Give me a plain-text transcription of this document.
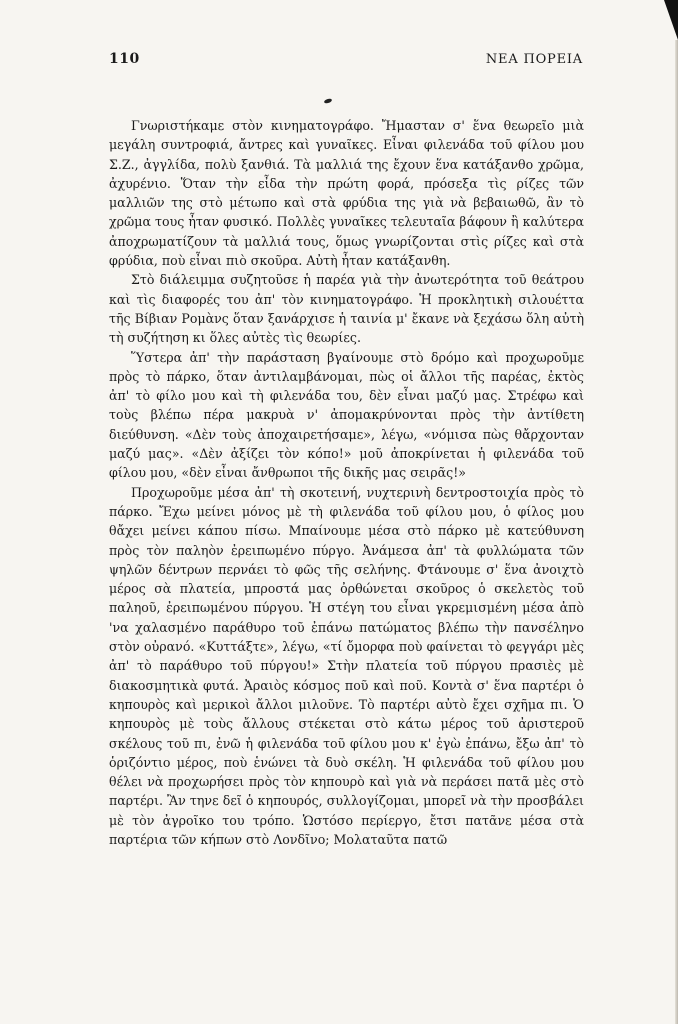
110	ΝΕΑ ΠΟΡΕΙΑ

Γνωριστήκαμε στὸν κινηματογράφο. Ἤμασταν σ' ἕνα θεωρεῖο μιὰ μεγάλη συντροφιά, ἄντρες καὶ γυναῖκες. Εἶναι φιλενάδα τοῦ φίλου μου Σ.Ζ., ἀγγλίδα, πολὺ ξανθιά. Τὰ μαλλιά της ἔχουν ἕνα κατάξανθο χρῶμα, ἀχυρένιο. Ὅταν τὴν εἶδα τὴν πρώτη φορά, πρόσεξα τὶς ρίζες τῶν μαλλιῶν της στὸ μέτωπο καὶ στὰ φρύδια της γιὰ νὰ βεβαιωθῶ, ἂν τὸ χρῶμα τους ἦταν φυσικό. Πολλὲς γυναῖκες τελευταῖα βάφουν ἢ καλύτερα ἀποχρωματίζουν τὰ μαλλιά τους, ὅμως γνωρίζονται στὶς ρίζες καὶ στὰ φρύδια, ποὺ εἶναι πιὸ σκοῦρα. Αὐτὴ ἦταν κατάξανθη.

Στὸ διάλειμμα συζητοῦσε ἡ παρέα γιὰ τὴν ἀνωτερότητα τοῦ θεάτρου καὶ τὶς διαφορές του ἀπ' τὸν κινηματογράφο. Ἡ προκλητικὴ σιλουέττα τῆς Βίβιαν Ρομὰνς ὅταν ξανάρχισε ἡ ταινία μ' ἔκανε νὰ ξεχάσω ὅλη αὐτὴ τὴ συζήτηση κι ὅλες αὐτὲς τὶς θεωρίες.

Ὕστερα ἀπ' τὴν παράσταση βγαίνουμε στὸ δρόμο καὶ προχωροῦμε πρὸς τὸ πάρκο, ὅταν ἀντιλαμβάνομαι, πὼς οἱ ἄλλοι τῆς παρέας, ἐκτὸς ἀπ' τὸ φίλο μου καὶ τὴ φιλενάδα του, δὲν εἶναι μαζύ μας. Στρέφω καὶ τοὺς βλέπω πέρα μακρυὰ ν' ἀπομακρύνονται πρὸς τὴν ἀντίθετη διεύθυνση. «Δὲν τοὺς ἀποχαιρετήσαμε», λέγω, «νόμισα πὼς θἄρχονταν μαζύ μας». «Δὲν ἀξίζει τὸν κόπο!» μοῦ ἀποκρίνεται ἡ φιλενάδα τοῦ φίλου μου, «δὲν εἶναι ἄνθρωποι τῆς δικῆς μας σειρᾶς!»

Προχωροῦμε μέσα ἀπ' τὴ σκοτεινή, νυχτερινὴ δεντροστοιχία πρὸς τὸ πάρκο. Ἔχω μείνει μόνος μὲ τὴ φιλενάδα τοῦ φίλου μου, ὁ φίλος μου θἄχει μείνει κάπου πίσω. Μπαίνουμε μέσα στὸ πάρκο μὲ κατεύθυνση πρὸς τὸν παληὸν ἐρειπωμένο πύργο. Ἀνάμεσα ἀπ' τὰ φυλλώματα τῶν ψηλῶν δέντρων περνάει τὸ φῶς τῆς σελήνης. Φτάνουμε σ' ἕνα ἀνοιχτὸ μέρος σὰ πλατεία, μπροστά μας ὀρθώνεται σκοῦρος ὁ σκελετὸς τοῦ παληοῦ, ἐρειπωμένου πύργου. Ἡ στέγη του εἶναι γκρεμισμένη μέσα ἀπὸ 'να χαλασμένο παράθυρο τοῦ ἐπάνω πατώματος βλέπω τὴν πανσέληνο στὸν οὐρανό. «Κυττάξτε», λέγω, «τί ὄμορφα ποὺ φαίνεται τὸ φεγγάρι μὲς ἀπ' τὸ παράθυρο τοῦ πύργου!» Στὴν πλατεία τοῦ πύργου πρασιὲς μὲ διακοσμητικὰ φυτά. Ἀραιὸς κόσμος ποῦ καὶ ποῦ. Κοντὰ σ' ἕνα παρτέρι ὁ κηπουρὸς καὶ μερικοὶ ἄλλοι μιλοῦνε. Τὸ παρτέρι αὐτὸ ἔχει σχῆμα πι. Ὁ κηπουρὸς μὲ τοὺς ἄλλους στέκεται στὸ κάτω μέρος τοῦ ἀριστεροῦ σκέλους τοῦ πι, ἐνῶ ἡ φιλενάδα τοῦ φίλου μου κ' ἐγὼ ἐπάνω, ἔξω ἀπ' τὸ ὁριζόντιο μέρος, ποὺ ἑνώνει τὰ δυὸ σκέλη. Ἡ φιλενάδα τοῦ φίλου μου θέλει νὰ προχωρήσει πρὸς τὸν κηπουρὸ καὶ γιὰ νὰ περάσει πατᾶ μὲς στὸ παρτέρι. Ἂν τηνε δεῖ ὁ κηπουρός, συλλογίζομαι, μπορεῖ νὰ τὴν προσβάλει μὲ τὸν ἀγροῖκο του τρόπο. Ὡστόσο περίεργο, ἔτσι πατᾶνε μέσα στὰ παρτέρια τῶν κήπων στὸ Λονδῖνο; Μολαταῦτα πατῶ
